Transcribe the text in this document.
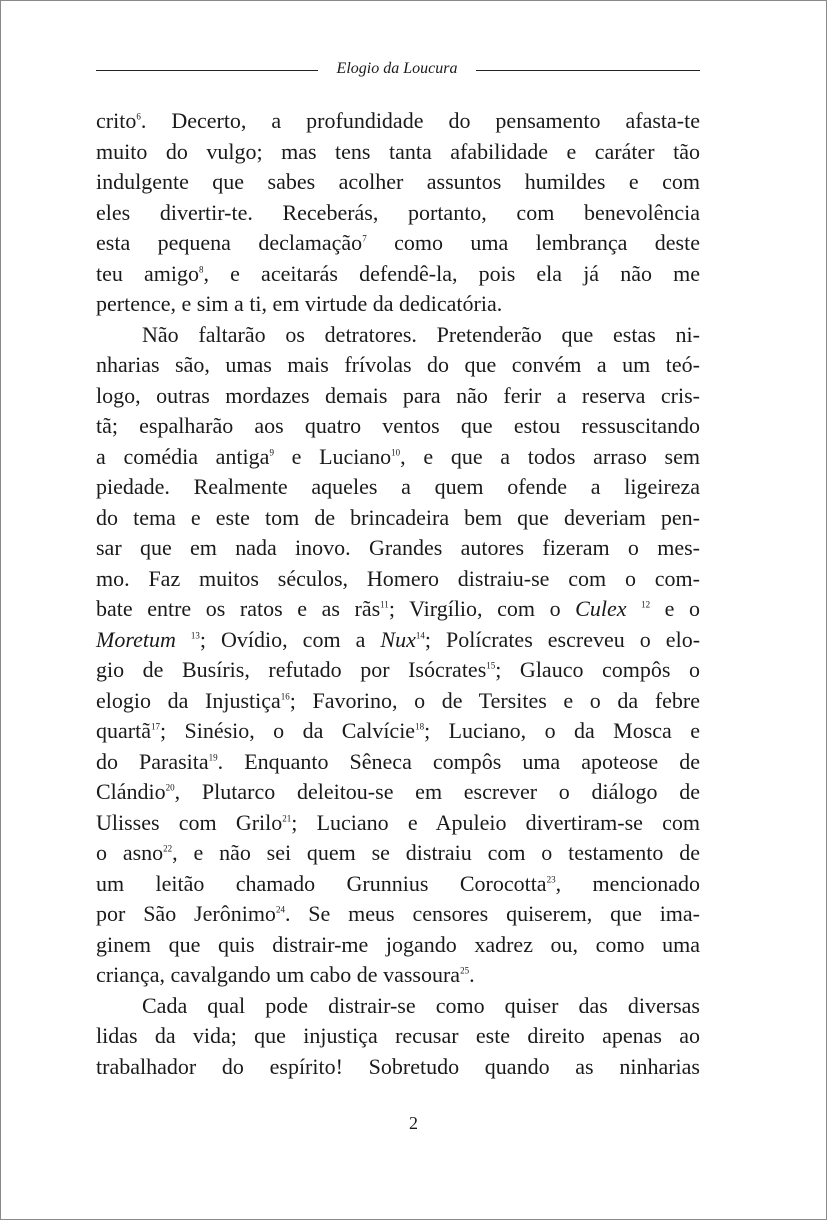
Elogio da Loucura
crito$^6$. Decerto, a profundidade do pensamento afasta-te
muito do vulgo; mas tens tanta afabilidade e caráter tão
indulgente que sabes acolher assuntos humildes e com
eles divertir-te. Receberás, portanto, com benevolência
esta pequena declamação$^7$ como uma lembrança deste
teu amigo$^8$, e aceitarás defendê-la, pois ela já não me
pertence, e sim a ti, em virtude da dedicatória.
Não faltarão os detratores. Pretenderão que estas ni-
nharias são, umas mais frívolas do que convém a um teó-
logo, outras mordazes demais para não ferir a reserva cris-
tã; espalharão aos quatro ventos que estou ressuscitando
a comédia antiga$^9$ e Luciano$^{10}$, e que a todos arraso sem
piedade. Realmente aqueles a quem ofende a ligeireza
do tema e este tom de brincadeira bem que deveriam pen-
sar que em nada inovo. Grandes autores fizeram o mes-
mo. Faz muitos séculos, Homero distraiu-se com o com-
bate entre os ratos e as rãs$^{11}$; Virgílio, com o Culex $^{12}$ e o
Moretum $^{13}$; Ovídio, com a Nux$^{14}$; Polícrates escreveu o elo-
gio de Busíris, refutado por Isócrates$^{15}$; Glauco compôs o
elogio da Injustiça$^{16}$; Favorino, o de Tersites e o da febre
quartã$^{17}$; Sinésio, o da Calvície$^{18}$; Luciano, o da Mosca e
do Parasita$^{19}$. Enquanto Sêneca compôs uma apoteose de
Clándio$^{20}$, Plutarco deleitou-se em escrever o diálogo de
Ulisses com Grilo$^{21}$; Luciano e Apuleio divertiram-se com
o asno$^{22}$, e não sei quem se distraiu com o testamento de
um leitão chamado Grunnius Corocotta$^{23}$, mencionado
por São Jerônimo$^{24}$. Se meus censores quiserem, que ima-
ginem que quis distrair-me jogando xadrez ou, como uma
criança, cavalgando um cabo de vassoura$^{25}$.
Cada qual pode distrair-se como quiser das diversas
lidas da vida; que injustiça recusar este direito apenas ao
trabalhador do espírito! Sobretudo quando as ninharias
2
